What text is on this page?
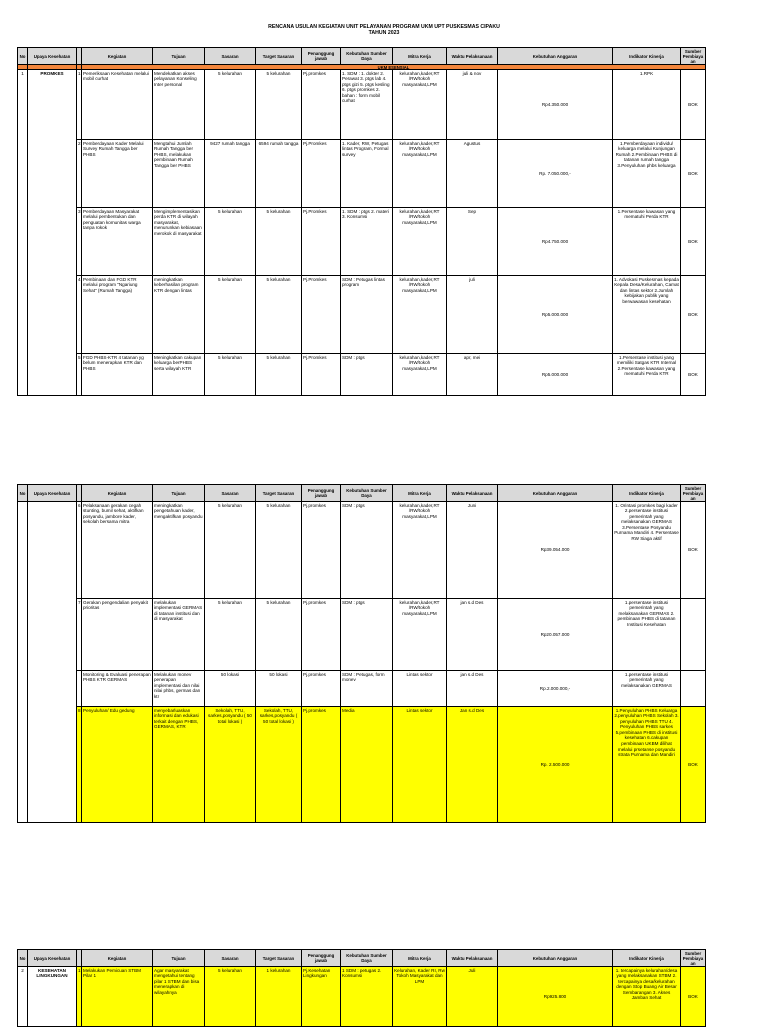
RENCANA USULAN KEGIATAN UNIT PELAYANAN PROGRAM UKM UPT PUSKESMAS CIPAKU
TAHUN 2023
No	Upaya Kesehatan		Kegiatan	Tujuan	Sasaran	Target Sasaran	Penanggung jawab	Kebutuhan Sumber Daya	Mitra Kerja	Waktu Pelaksanaan	Kebutuhan Anggaran	Indikator Kinerja	Sumber Pembiayaan
			UKM ESENSIAL										
1	PROMKES	1	Pemeriksaan Kesehatan melalui mobil curhat	Mendekatkan akses pelayanan Konseling Inter personal	5 kelurahan	5 kelurahan	Pj.promkes	1. SDM : 1. dokter 2. Perawat 3. ptgs lab 4. ptgs gizi 5. ptgs kesling 6. ptgs promkes 2. bahan : form mobil curhat	kelurahan,kader,RT /RW/tokoh masyarakat,LPM	juli & nov	Rp4.350.000	1.RPK	BOK
		2	Pemberdayaan Kader Melalui Survey Rumah Tangga ber PHBS	Mengtahui Jumlah Rumah Tangga ber PHBS, melakukan pembinaan Rumah Tangga ber PHBS	9427 rumah tangga	6594 rumah tangga	Pj.Promkes	1. Kader, RW, Petugas lintas Program, Formal survey	kelurahan,kader,RT /RW/tokoh masyarakat,LPM	Agustus	Rp. 7.050.000,-	1.Pemberdayaan individu/ keluarga melalui Kunjungan Rumah 2.Pembinaan PHBS di tatanan rumah tangga 3.Penyuluhan phbs keluarga	BOK
		3	Pemberdayaan Masyarakat melalui pembentukan dan penguatan komunitas warga tanpa rokok	Mengimplementasikan perda KTR di wilayah masyarakat, menurunkan kebiasaan merokok di masyarakat	5 kelurahan	5 kelurahan	Pj.Promkes	1. SDM : ptgs 2. materi 3. Konsumsi	kelurahan,kader,RT /RW/tokoh masyarakat,LPM	Sep	Rp4.750.000	1.Persentase kawasan yang mematuhi Perda KTR	BOK
		4	Pembinaan dan FGD KTR melalui program "Ngariung Sehat" (Rumah Tangga)	meningkatkan keberhasilan program KTR dengan lintas	5 kelurahan	5 kelurahan	Pj.Promkes	SDM : Petugas lintas program	kelurahan,kader,RT /RW/tokoh masyarakat,LPM	juli	Rp5.000.000	1. Advokasi Puskesmas kepada Kepala Desa/Kelurahan, Camat dan lintas sektor 2.Jumlah kebijakan publik yang berwawasan kesehatan	BOK
		5	FGD PHBS-KTR 4 tatanan yg belum menerapkan KTR dan PHBS	Meningkatkan cakupan keluarga berPHBS serta wilayah KTR	5 kelurahan	5 kelurahan	Pj.Promkes	SDM : ptgs	kelurahan,kader,RT /RW/tokoh masyarakat,LPM	apr, mei	Rp5.000.000	1.Persentase institusi yang memiliki Satgas KTR Internal 2.Persentase kawasan yang mematuhi Perda KTR	BOK
No	Upaya Kesehatan		Kegiatan	Tujuan	Sasaran	Target Sasaran	Penanggung jawab	Kebutuhan Sumber Daya	Mitra Kerja	Waktu Pelaksanaan	Kebutuhan Anggaran	Indikator Kinerja	Sumber Pembiayaan
		6	Pelaksanaan gerakan cegah stunting, bumil sehat, aktifkan posyandu, jambore kader, sekolah bersama mitra	meningkatkan pengetahuan kader, mengaktifkan posyandu	5 kelurahan	5 kelurahan	Pj.promkes	SDM : ptgs	kelurahan,kader,RT /RW/tokoh masyarakat,LPM	Juni	Rp39.054.000	1. Orintasi promkes bagi kader 2.persentase institusi pemerintah yang melaksanakan GERMAS 3.Persentase Posyandu Purnama Mandiri 4. Persentase RW Siaga aktif	BOK
		7	Gerakan pengendalian penyakit prioritas	melakukan implementasi GERMAS di tatanan institusi dan di masyarakat	5 kelurahan	5 kelurahan	Pj.promkes	SDM : ptgs	kelurahan,kader,RT /RW/tokoh masyarakat,LPM	jan s.d Des	Rp20.057.000	1.persentase institusi pemerintah yang melaksanakan GERMAS 2. pembinaan PHBS di tatanan Institusi Kesehatan	
			Monitoring & Evaluasi penerapan PHBS KTR GERMAS	Melakukan monev penerapan implementasi dan nilai nilai phbs, germas dan ktr	50 lokasi	50 lokasi	Pj.promkes	SDM : Petugas, form monev	Lintas sektor	jan s.d Des	Rp.2.000.000,-	1.persentase institusi pemerintah yang melaksanakan GERMAS	
		8	Penyuluhan/ Edu gedung	menyebarluaskan informasi dan edukasi terkait dengan PHBS, GERMAS, KTR	Sekolah, TTU, sarkes,posyandu ( 50 total lokasi )	Sekolah, TTU, sarkes,posyandu ( 50 total lokasi )	Pj.promkes	Media	Lintas sektor	Jan s.d Des	Rp. 2.500.000	1.Penyuluhan PHBS Keluarga 2.penyuluhan PHBS Sekolah 3. penyuluhan PHBS TTU 4. Penyuluhan PHBS sarkes 5.pembinaan PHBS di institusi kesehatan 6.cakupan pembinaan UKBM dilihat melalui prsetanse posyandu strata Purnama dan Mandiri	BOK
No	Upaya Kesehatan		Kegiatan	Tujuan	Sasaran	Target Sasaran	Penanggung jawab	Kebutuhan Sumber Daya	Mitra Kerja	Waktu Pelaksanaan	Kebutuhan Anggaran	Indikator Kinerja	Sumber Pembiayaan
2	KESEHATAN LINGKUNGAN	1	Melakukan Pemicuan STBM Pilar 1	Agar masyarakat mengetahui tentang pilar 1 STBM dan bisa menerapkan di wilayahnya	5 kelurahan	1 kelurahan	Pj.Kesehatan Lingkungan	1 SDM : petugas 2. Konsumsi	Kelurahan, Kader RI, Rw Tokoh Masyarakat dan LPM	Juli	Rp925.800	1. tercapainya kelurahan/desa yang melaksanakan STBM 2. tercapainya desa/kelurahan dengan Stop Buang Air Besar Sembarangan 3. Akses Jamban Sehat	BOK
